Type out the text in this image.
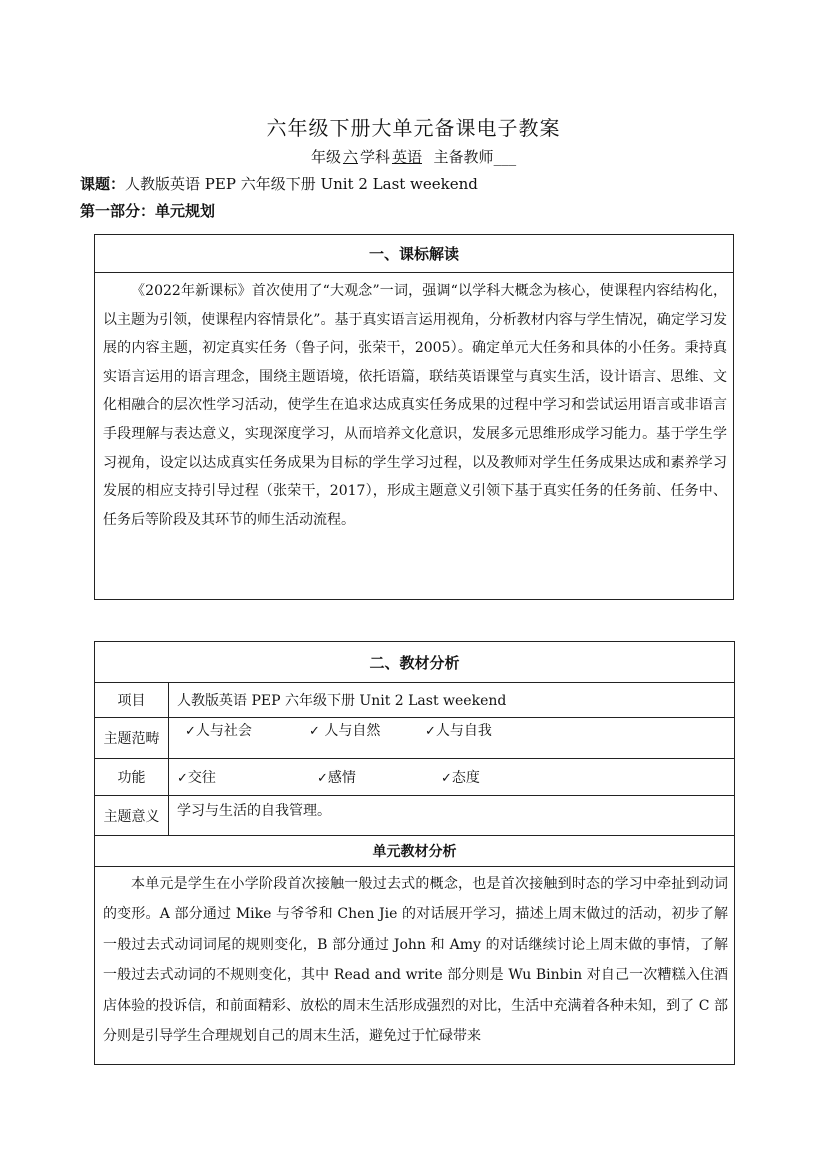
六年级下册大单元备课电子教案
年级 六 学科 英语 主备教师___
课题：人教版英语 PEP 六年级下册 Unit 2 Last weekend
第一部分：单元规划
一、课标解读
《2022年新课标》首次使用了“大观念”一词，强调“以学科大概念为核心，使课程内容结构化，以主题为引领，使课程内容情景化”。基于真实语言运用视角，分析教材内容与学生情况，确定学习发展的内容主题，初定真实任务（鲁子问，张荣干，2005）。确定单元大任务和具体的小任务。秉持真实语言运用的语言理念，围绕主题语境，依托语篇，联结英语课堂与真实生活，设计语言、思维、文化相融合的层次性学习活动，使学生在追求达成真实任务成果的过程中学习和尝试运用语言或非语言手段理解与表达意义，实现深度学习，从而培养文化意识，发展多元思维形成学习能力。基于学生学习视角，设定以达成真实任务成果为目标的学生学习过程，以及教师对学生任务成果达成和素养学习发展的相应支持引导过程（张荣干，2017），形成主题意义引领下基于真实任务的任务前、任务中、任务后等阶段及其环节的师生活动流程。
二、教材分析	
项目	人教版英语 PEP 六年级下册 Unit 2 Last weekend
主题范畴	✓人与社会 ✓ 人与自然 ✓人与自我
功能	✓交往 ✓感情 ✓态度
主题意义	学习与生活的自我管理。
单元教材分析	
本单元是学生在小学阶段首次接触一般过去式的概念，也是首次接触到时态的学习中牵扯到动词的变形。A 部分通过 Mike 与爷爷和 Chen Jie 的对话展开学习，描述上周末做过的活动，初步了解一般过去式动词词尾的规则变化，B 部分通过 John 和 Amy 的对话继续讨论上周末做的事情，了解一般过去式动词的不规则变化，其中 Read and write 部分则是 Wu Binbin 对自己一次糟糕入住酒店体验的投诉信，和前面精彩、放松的周末生活形成强烈的对比，生活中充满着各种未知，到了 C 部分则是引导学生合理规划自己的周末生活，避免过于忙碌带来	
